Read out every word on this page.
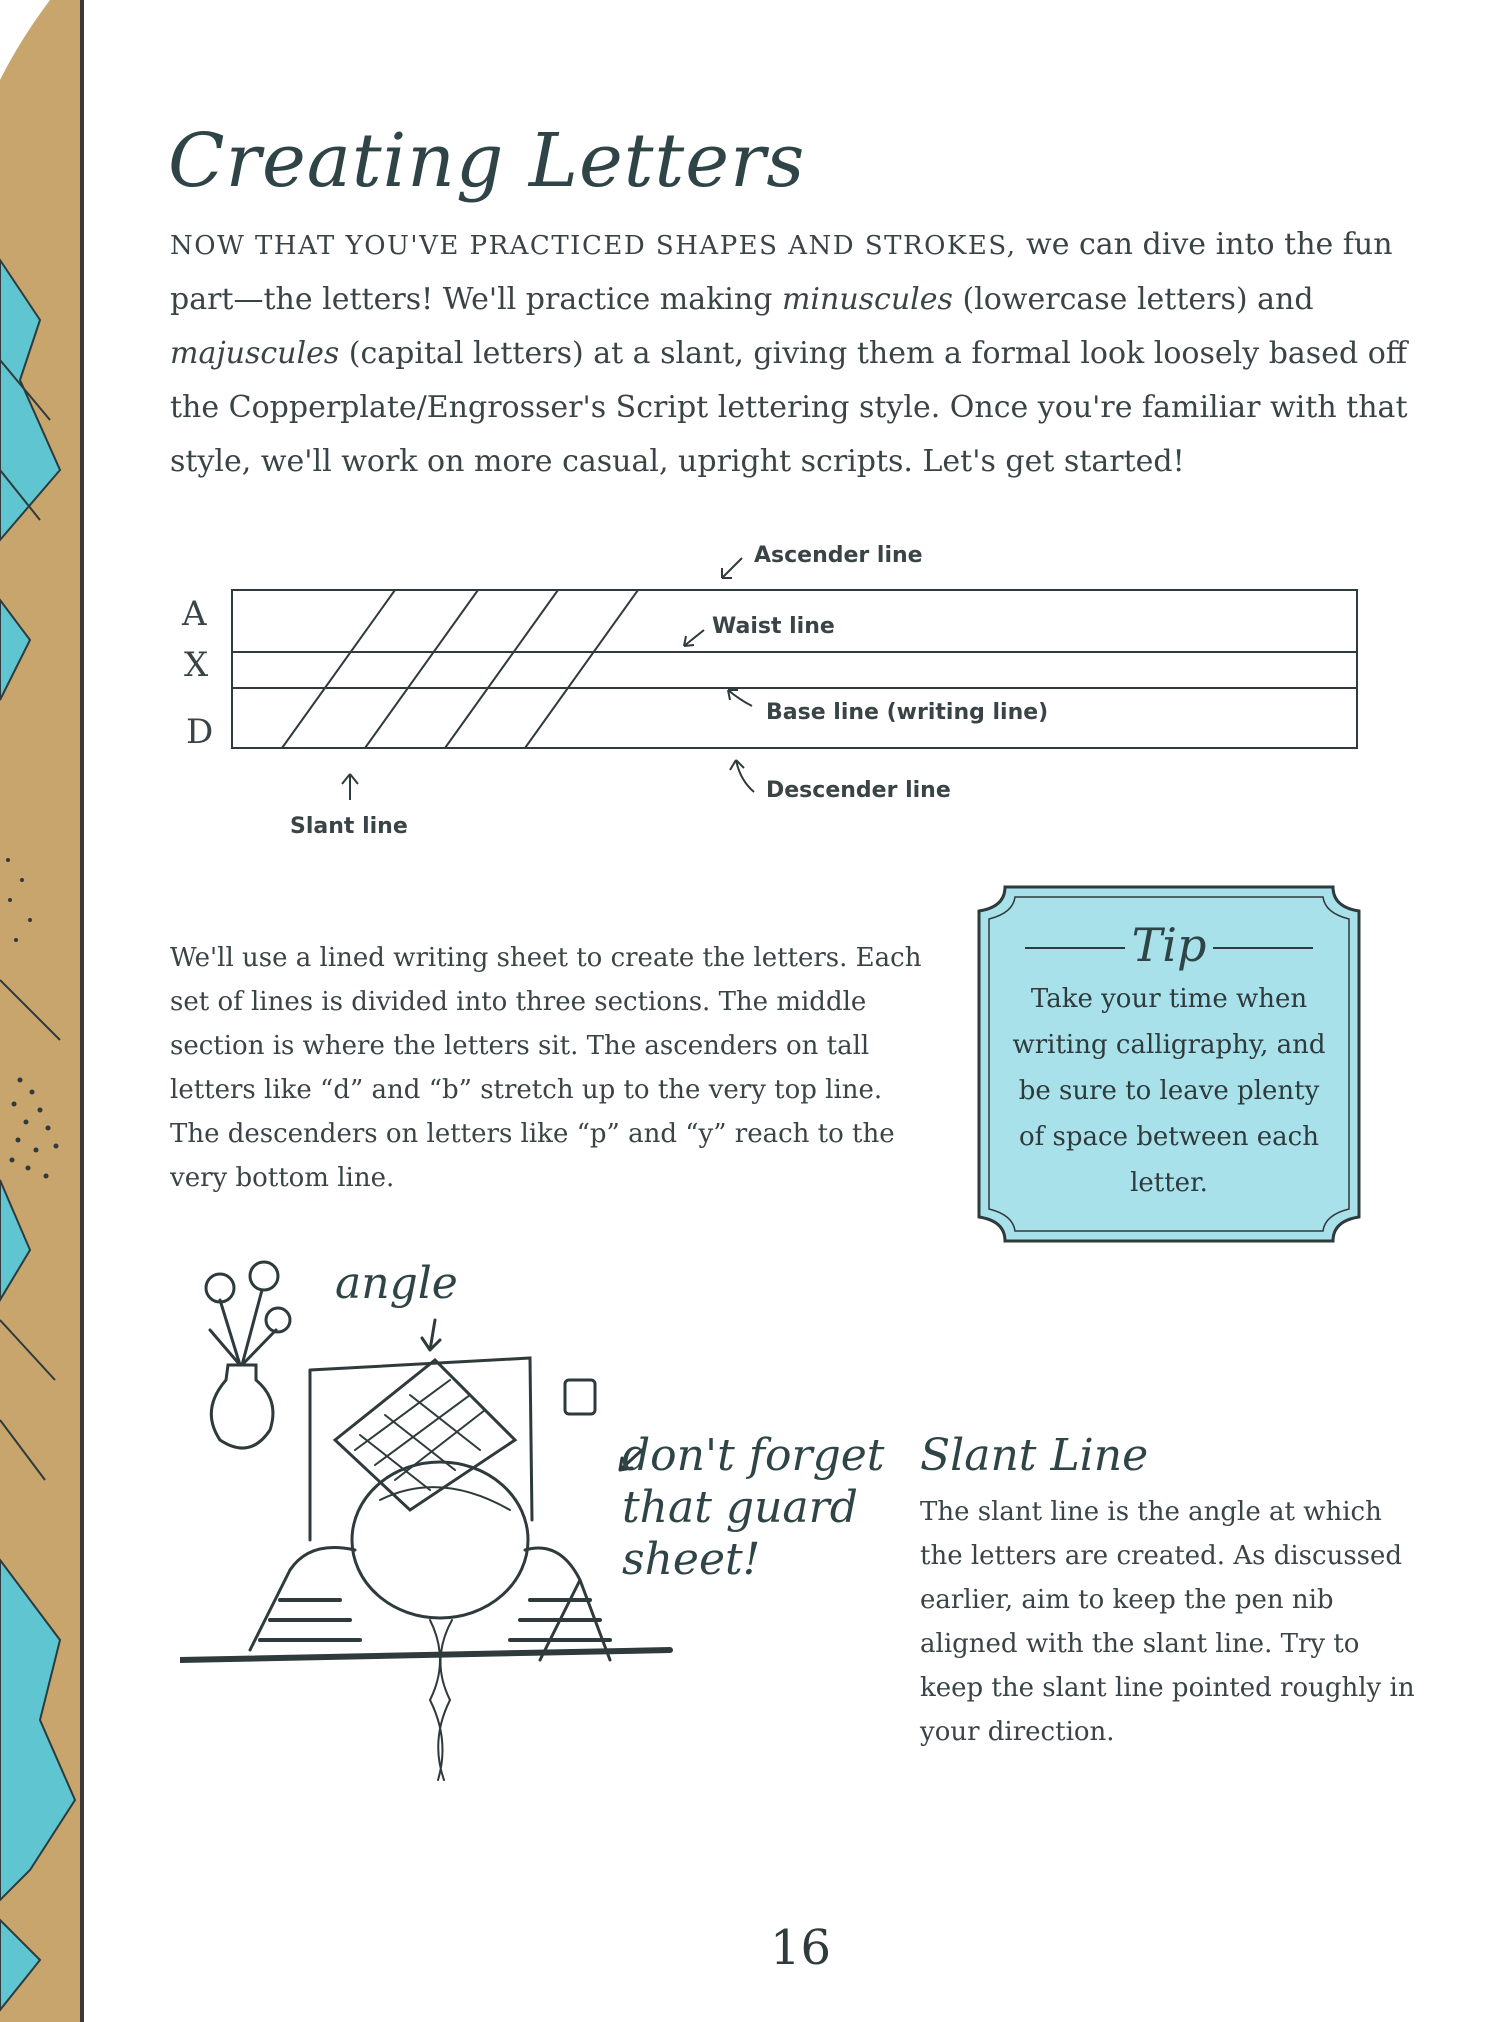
Creating Letters
NOW THAT YOU'VE PRACTICED SHAPES AND STROKES, we can dive into the fun part—the letters! We'll practice making minuscules (lowercase letters) and majuscules (capital letters) at a slant, giving them a formal look loosely based off the Copperplate/Engrosser's Script lettering style. Once you're familiar with that style, we'll work on more casual, upright scripts. Let's get started!
A
X
D
Ascender line
Waist line
Base line (writing line)
Descender line
Slant line
We'll use a lined writing sheet to create the letters. Each set of lines is divided into three sections. The middle section is where the letters sit. The ascenders on tall letters like “d” and “b” stretch up to the very top line. The descenders on letters like “p” and “y” reach to the very bottom line.
Tip
Take your time when writing calligraphy, and be sure to leave plenty of space between each letter.
angle
don't forget
that guard
sheet!
Slant Line
The slant line is the angle at which the letters are created. As discussed earlier, aim to keep the pen nib aligned with the slant line. Try to keep the slant line pointed roughly in your direction.
16
